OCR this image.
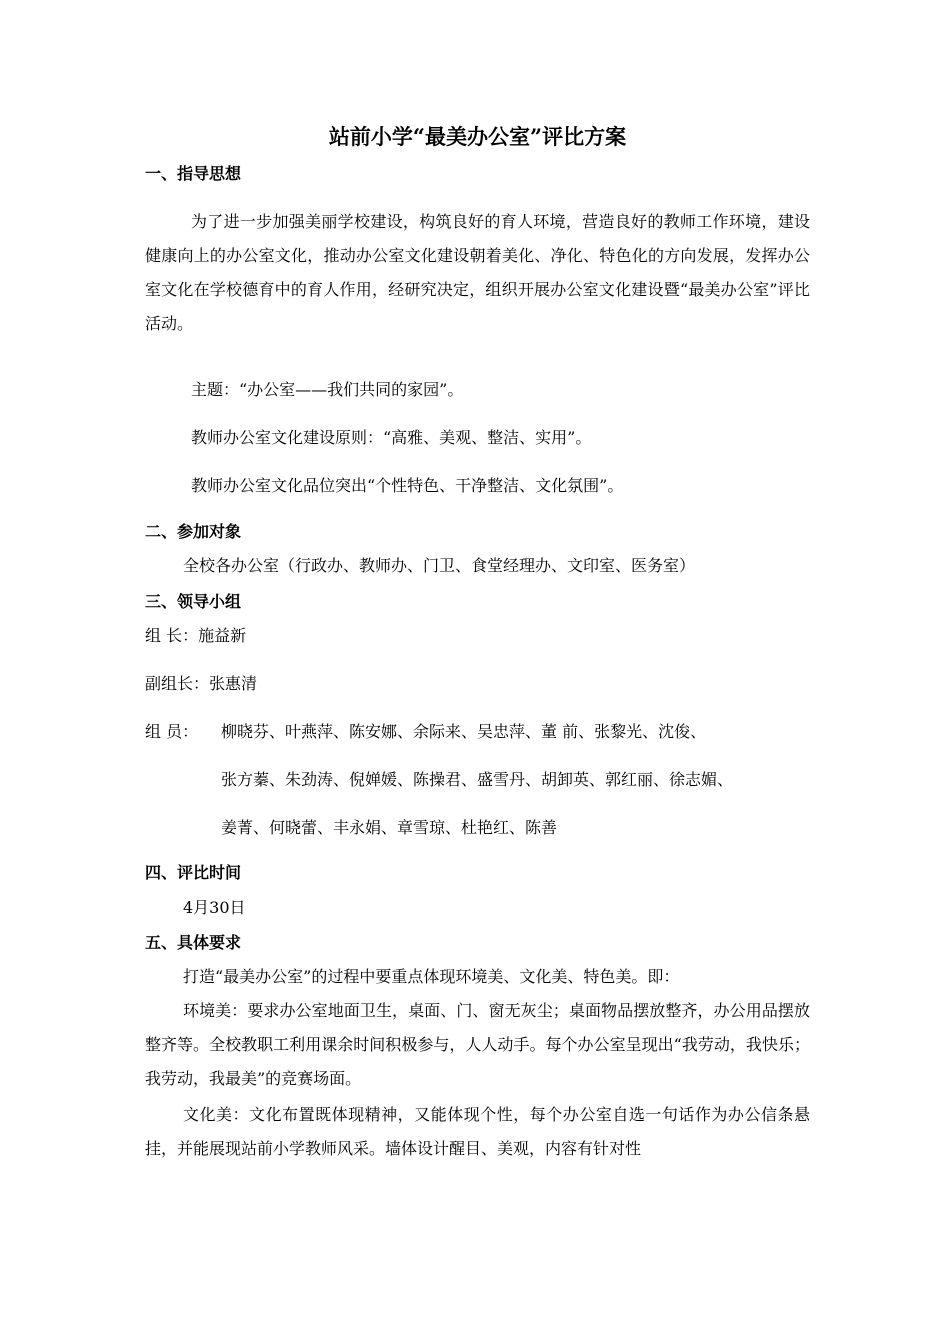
站前小学“最美办公室”评比方案
一、指导思想
为了进一步加强美丽学校建设，构筑良好的育人环境，营造良好的教师工作环境，建设健康向上的办公室文化，推动办公室文化建设朝着美化、净化、特色化的方向发展，发挥办公室文化在学校德育中的育人作用，经研究决定，组织开展办公室文化建设暨“最美办公室”评比活动。
主题：“办公室——我们共同的家园”。
教师办公室文化建设原则：“高雅、美观、整洁、实用”。
教师办公室文化品位突出“个性特色、干净整洁、文化氛围”。
二、参加对象
全校各办公室（行政办、教师办、门卫、食堂经理办、文印室、医务室）
三、领导小组
组 长：施益新
副组长：张惠清
组 员： 柳晓芬、叶燕萍、陈安娜、余际来、吴忠萍、董 前、张黎光、沈俊、
张方蓁、朱劲涛、倪婵媛、陈操君、盛雪丹、胡卸英、郭红丽、徐志媚、
姜菁、何晓蕾、丰永娟、章雪琼、杜艳红、陈善
四、评比时间
4月30日
五、具体要求
打造“最美办公室”的过程中要重点体现环境美、文化美、特色美。即：
环境美：要求办公室地面卫生，桌面、门、窗无灰尘；桌面物品摆放整齐，办公用品摆放整齐等。全校教职工利用课余时间积极参与，人人动手。每个办公室呈现出“我劳动，我快乐；我劳动，我最美”的竞赛场面。
文化美：文化布置既体现精神，又能体现个性，每个办公室自选一句话作为办公信条悬挂，并能展现站前小学教师风采。墙体设计醒目、美观，内容有针对性
